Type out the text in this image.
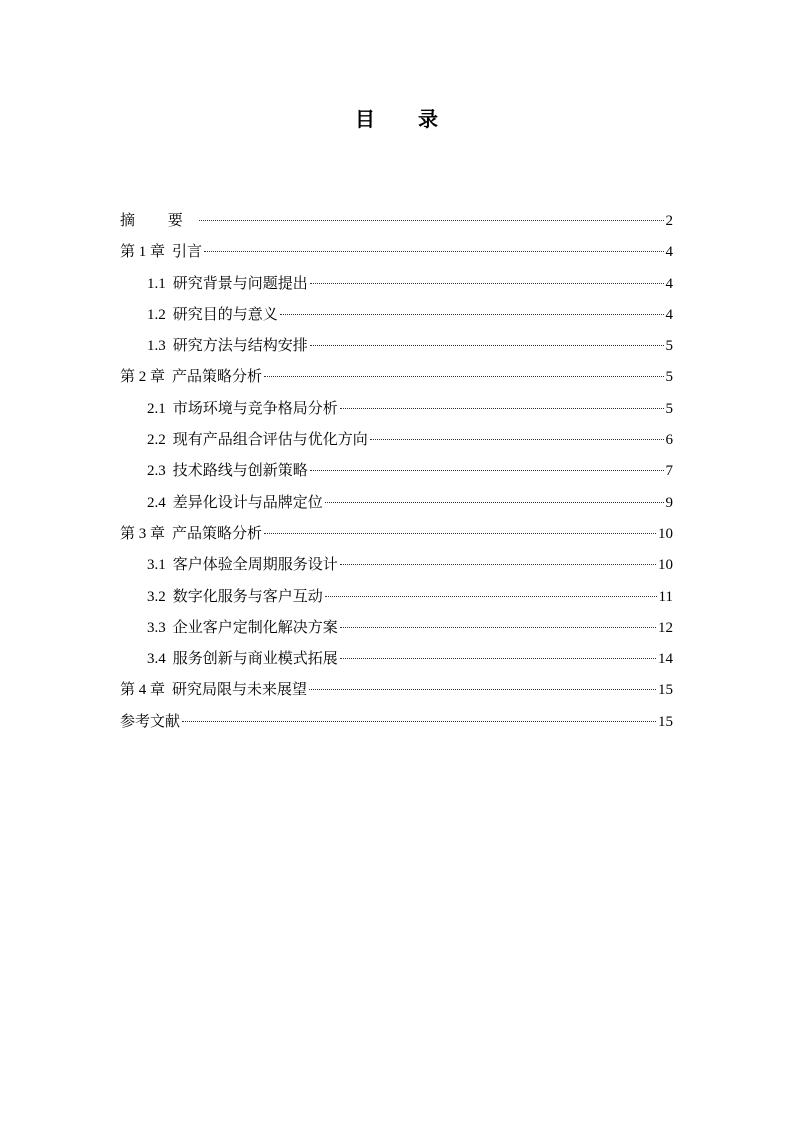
目 录
摘 要	2
第 1 章 引言	4
1.1 研究背景与问题提出	4
1.2 研究目的与意义	4
1.3 研究方法与结构安排	5
第 2 章 产品策略分析	5
2.1 市场环境与竞争格局分析	5
2.2 现有产品组合评估与优化方向	6
2.3 技术路线与创新策略	7
2.4 差异化设计与品牌定位	9
第 3 章 产品策略分析	10
3.1 客户体验全周期服务设计	10
3.2 数字化服务与客户互动	11
3.3 企业客户定制化解决方案	12
3.4 服务创新与商业模式拓展	14
第 4 章 研究局限与未来展望	15
参考文献	15
